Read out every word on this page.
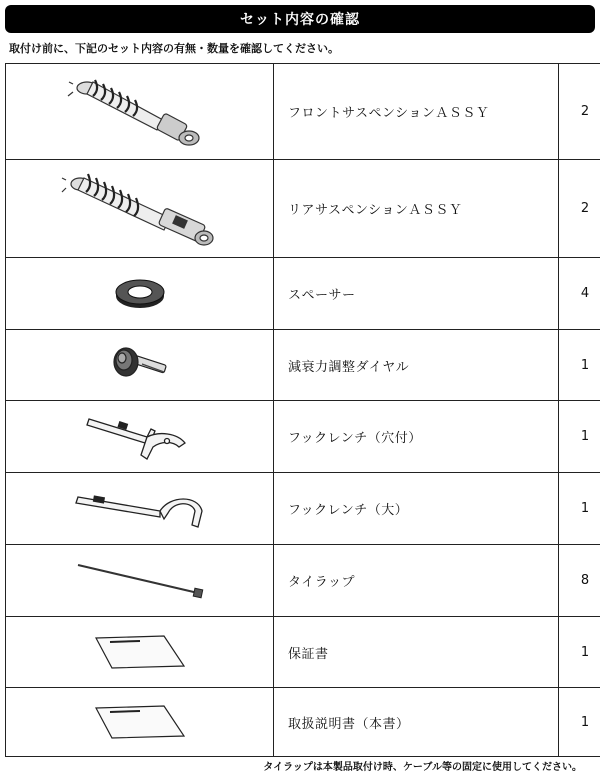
セット内容の確認
取付け前に、下記のセット内容の有無・数量を確認してください。
	フロントサスペンションＡＳＳＹ	2

	リアサスペンションＡＳＳＹ	2

	スペーサー	4

	減衰力調整ダイヤル	1

	フックレンチ（穴付）	1

	フックレンチ（大）	1

	タイラップ	8

	保証書	1

	取扱説明書（本書）	1
タイラップは本製品取付け時、ケーブル等の固定に使用してください。
